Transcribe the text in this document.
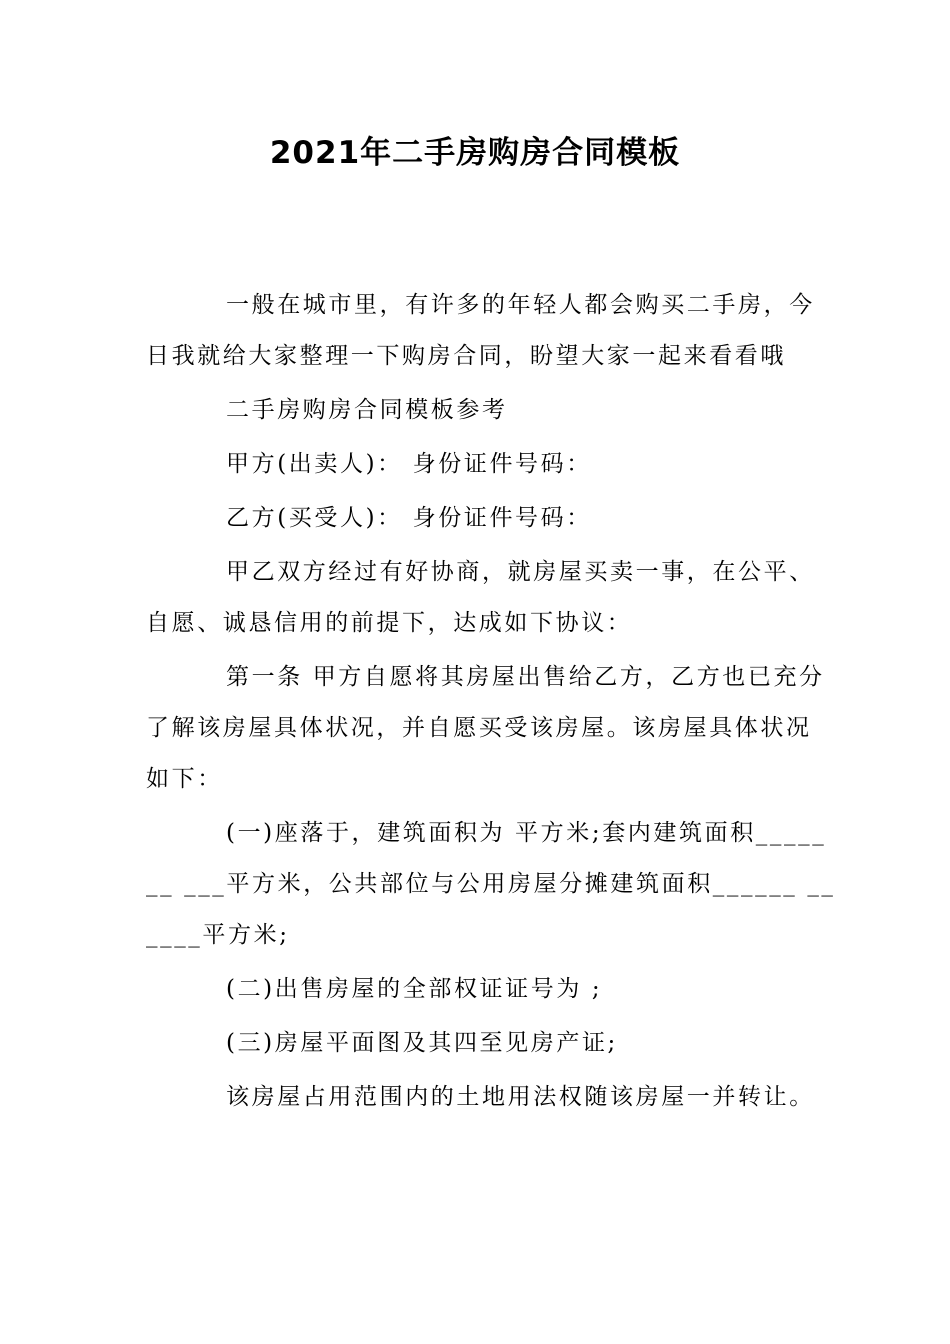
2021年二手房购房合同模板

一般在城市里，有许多的年轻人都会购买二手房，今日我就给大家整理一下购房合同，盼望大家一起来看看哦

二手房购房合同模板参考

甲方(出卖人)： 身份证件号码：

乙方(买受人)： 身份证件号码：

甲乙双方经过有好协商，就房屋买卖一事，在公平、自愿、诚恳信用的前提下，达成如下协议：

第一条 甲方自愿将其房屋出售给乙方，乙方也已充分了解该房屋具体状况，并自愿买受该房屋。该房屋具体状况如下：

(一)座落于，建筑面积为 平方米;套内建筑面积_______ ___平方米，公共部位与公用房屋分摊建筑面积______ ______平方米;

(二)出售房屋的全部权证证号为 ;

(三)房屋平面图及其四至见房产证;

该房屋占用范围内的土地用法权随该房屋一并转让。
